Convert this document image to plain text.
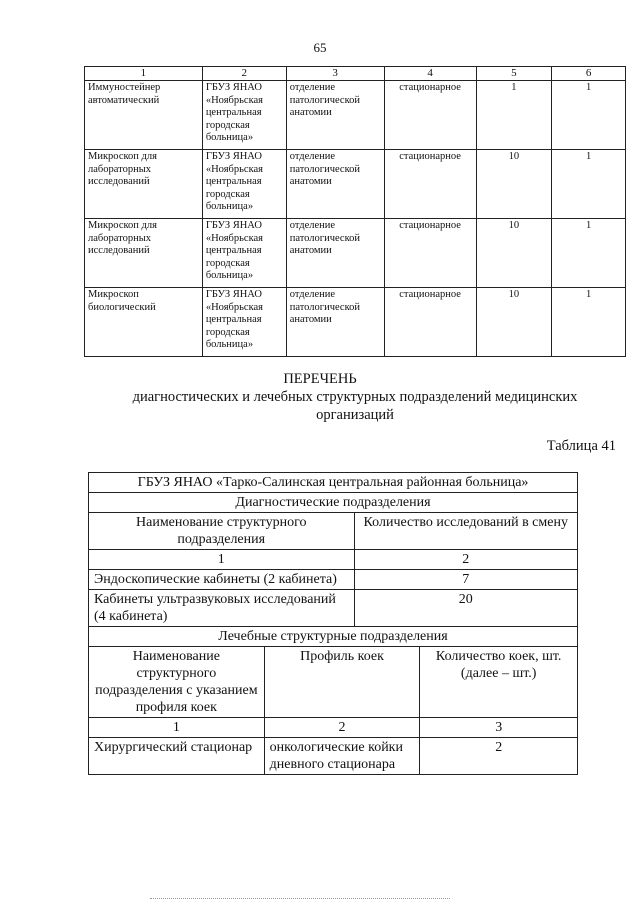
65
1	2	3	4	5	6
Иммуностейнер автоматический	ГБУЗ ЯНАО «Ноябрьская центральная городская больница»	отделение патологической анатомии	стационарное	1	1
Микроскоп для лабораторных исследований	ГБУЗ ЯНАО «Ноябрьская центральная городская больница»	отделение патологической анатомии	стационарное	10	1
Микроскоп для лабораторных исследований	ГБУЗ ЯНАО «Ноябрьская центральная городская больница»	отделение патологической анатомии	стационарное	10	1
Микроскоп биологический	ГБУЗ ЯНАО «Ноябрьская центральная городская больница»	отделение патологической анатомии	стационарное	10	1
ПЕРЕЧЕНЬ
диагностических и лечебных структурных подразделений медицинских организаций
Таблица 41
ГБУЗ ЯНАО «Тарко-Салинская центральная районная больница»			
Диагностические подразделения			
Наименование структурного подразделения		Количество исследований в смену	
1		2	
Эндоскопические кабинеты (2 кабинета)		7	
Кабинеты ультразвуковых исследований (4 кабинета)		20	
Лечебные структурные подразделения			
Наименование структурного подразделения с указанием профиля коек	Профиль коек		Количество коек, шт. (далее – шт.)
1	2		3
Хирургический стационар	онкологические койки дневного стационара		2
